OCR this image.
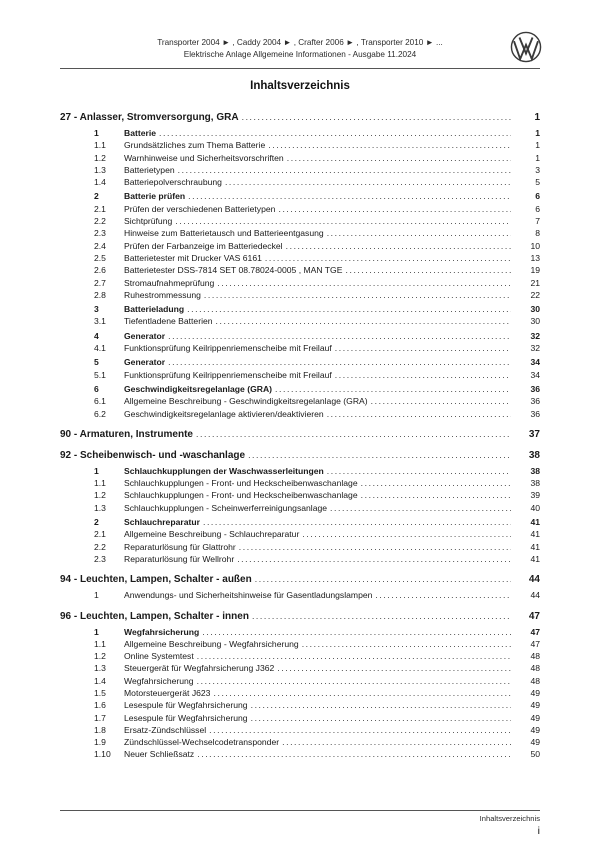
Transporter 2004 ► , Caddy 2004 ► , Crafter 2006 ► , Transporter 2010 ► ...
Elektrische Anlage Allgemeine Informationen - Ausgabe 11.2024
Inhaltsverzeichnis
27 - Anlasser, Stromversorgung, GRA .....	1
1	Batterie .....	1
1.1	Grundsätzliches zum Thema Batterie .....	1
1.2	Warnhinweise und Sicherheitsvorschriften .....	1
1.3	Batterietypen .....	3
1.4	Batteriepolverschraubung .....	5
2	Batterie prüfen .....	6
2.1	Prüfen der verschiedenen Batterietypen .....	6
2.2	Sichtprüfung .....	7
2.3	Hinweise zum Batterietausch und Batterieentgasung .....	8
2.4	Prüfen der Farbanzeige im Batteriedeckel .....	10
2.5	Batterietester mit Drucker VAS 6161 .....	13
2.6	Batterietester DSS-7814 SET 08.78024-0005 , MAN TGE .....	19
2.7	Stromaufnahmeprüfung .....	21
2.8	Ruhestrommessung .....	22
3	Batterieladung .....	30
3.1	Tiefentladene Batterien .....	30
4	Generator .....	32
4.1	Funktionsprüfung Keilrippenriemenscheibe mit Freilauf .....	32
5	Generator .....	34
5.1	Funktionsprüfung Keilrippenriemenscheibe mit Freilauf .....	34
6	Geschwindigkeitsregelanlage (GRA) .....	36
6.1	Allgemeine Beschreibung - Geschwindigkeitsregelanlage (GRA) .....	36
6.2	Geschwindigkeitsregelanlage aktivieren/deaktivieren .....	36
90 - Armaturen, Instrumente .....	37
92 - Scheibenwisch- und -waschanlage .....	38
1	Schlauchkupplungen der Waschwasserleitungen .....	38
1.1	Schlauchkupplungen - Front- und Heckscheibenwaschanlage .....	38
1.2	Schlauchkupplungen - Front- und Heckscheibenwaschanlage .....	39
1.3	Schlauchkupplungen - Scheinwerferreinigungsanlage .....	40
2	Schlauchreparatur .....	41
2.1	Allgemeine Beschreibung - Schlauchreparatur .....	41
2.2	Reparaturlösung für Glattrohr .....	41
2.3	Reparaturlösung für Wellrohr .....	41
94 - Leuchten, Lampen, Schalter - außen .....	44
1	Anwendungs- und Sicherheitshinweise für Gasentladungslampen .....	44
96 - Leuchten, Lampen, Schalter - innen .....	47
1	Wegfahrsicherung .....	47
1.1	Allgemeine Beschreibung - Wegfahrsicherung .....	47
1.2	Online Systemtest .....	48
1.3	Steuergerät für Wegfahrsicherung J362 .....	48
1.4	Wegfahrsicherung .....	48
1.5	Motorsteuergerät J623 .....	49
1.6	Lesespule für Wegfahrsicherung .....	49
1.7	Lesespule für Wegfahrsicherung .....	49
1.8	Ersatz-Zündschlüssel .....	49
1.9	Zündschlüssel-Wechselcodetransponder .....	49
1.10	Neuer Schließsatz .....	50
Inhaltsverzeichnis
i
